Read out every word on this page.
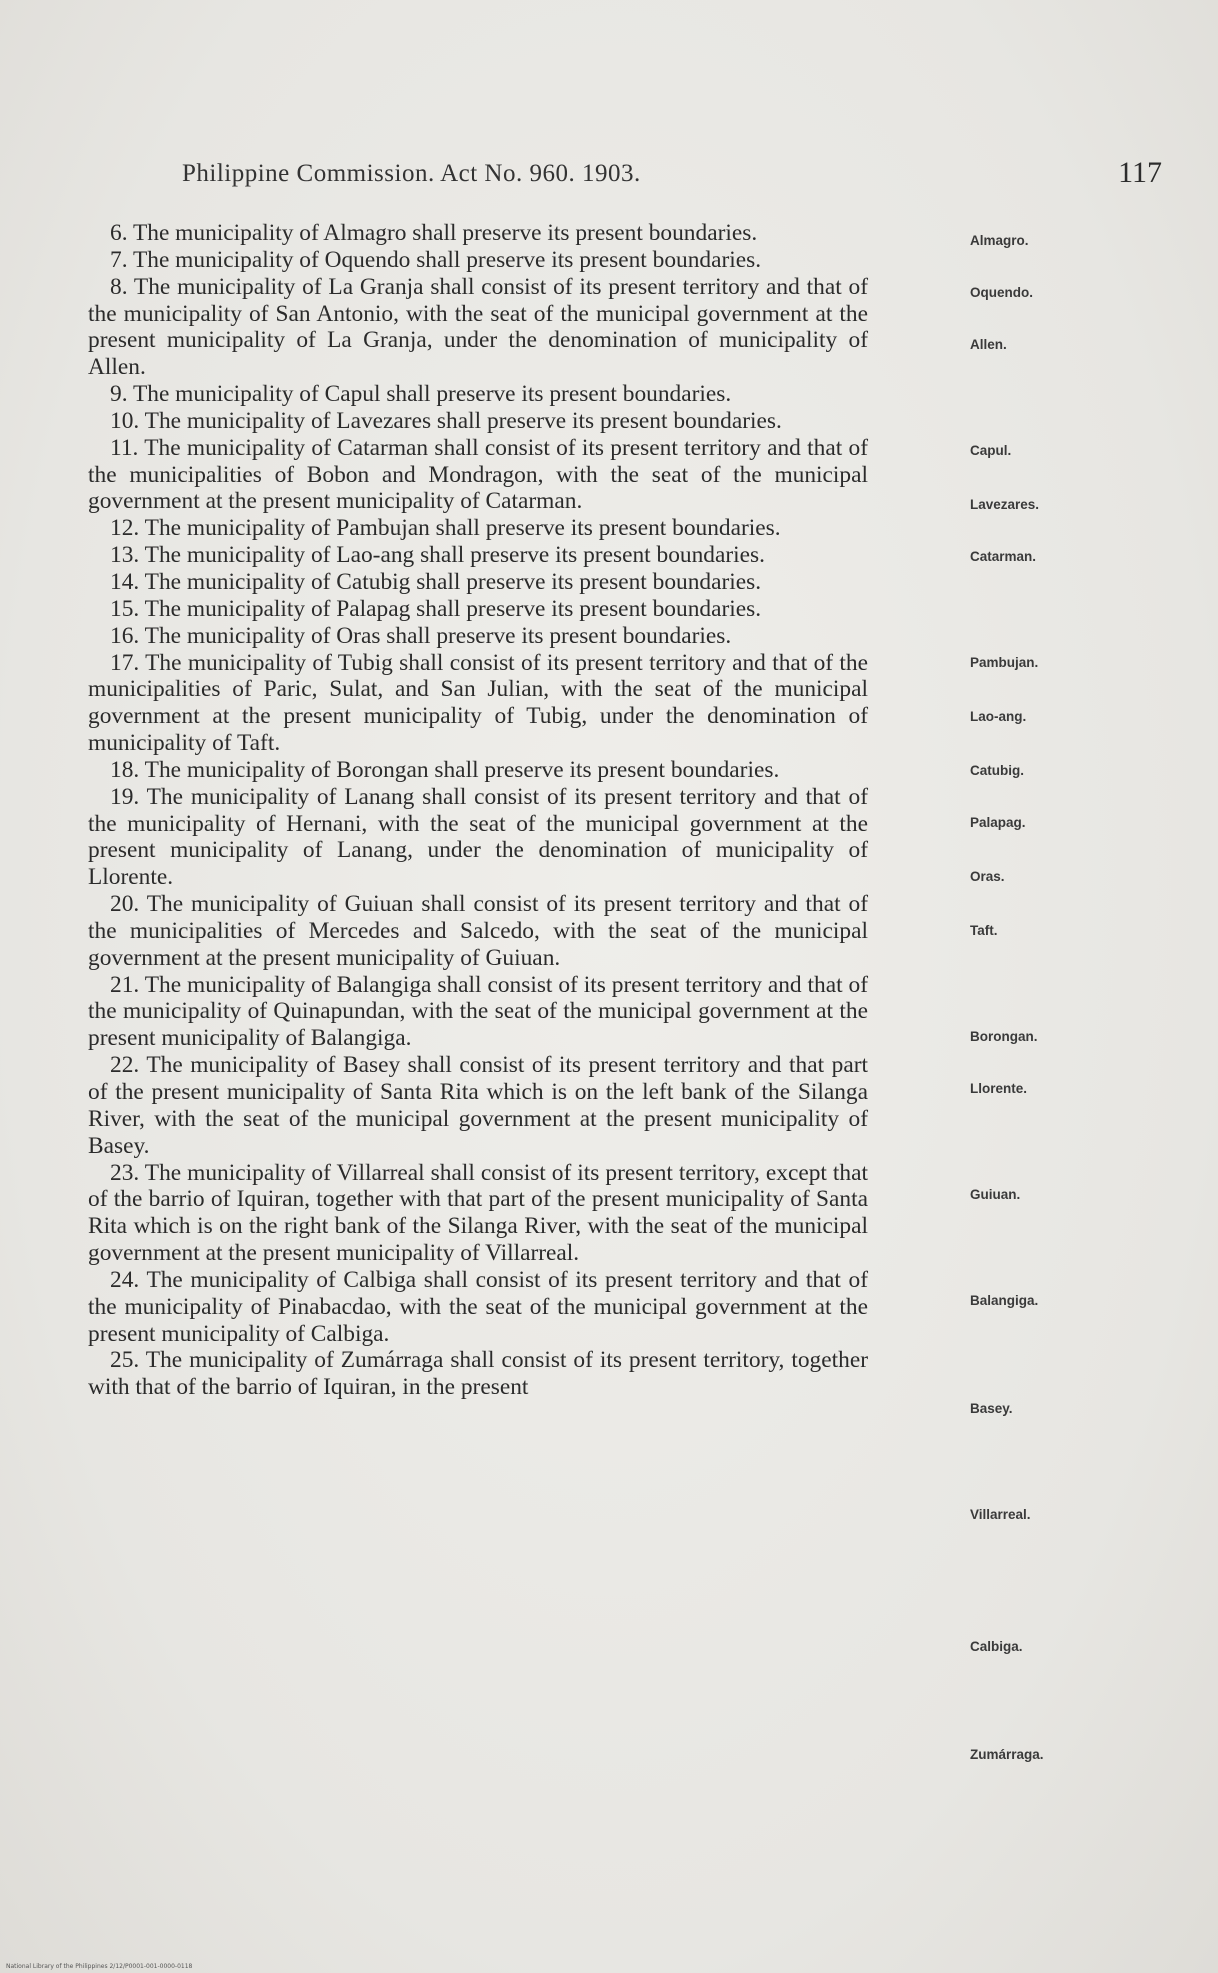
Philippine Commission. Act No. 960. 1903.	117

6. The municipality of Almagro shall preserve its present boundaries.

7. The municipality of Oquendo shall preserve its present boundaries.

8. The municipality of La Granja shall consist of its present territory and that of the municipality of San Antonio, with the seat of the municipal government at the present municipality of La Granja, under the denomination of municipality of Allen.

9. The municipality of Capul shall preserve its present boundaries.

10. The municipality of Lavezares shall preserve its present boundaries.

11. The municipality of Catarman shall consist of its present territory and that of the municipalities of Bobon and Mondragon, with the seat of the municipal government at the present municipality of Catarman.

12. The municipality of Pambujan shall preserve its present boundaries.

13. The municipality of Lao-ang shall preserve its present boundaries.

14. The municipality of Catubig shall preserve its present boundaries.

15. The municipality of Palapag shall preserve its present boundaries.

16. The municipality of Oras shall preserve its present boundaries.

17. The municipality of Tubig shall consist of its present territory and that of the municipalities of Paric, Sulat, and San Julian, with the seat of the municipal government at the present municipality of Tubig, under the denomination of municipality of Taft.

18. The municipality of Borongan shall preserve its present boundaries.

19. The municipality of Lanang shall consist of its present territory and that of the municipality of Hernani, with the seat of the municipal government at the present municipality of Lanang, under the denomination of municipality of Llorente.

20. The municipality of Guiuan shall consist of its present territory and that of the municipalities of Mercedes and Salcedo, with the seat of the municipal government at the present municipality of Guiuan.

21. The municipality of Balangiga shall consist of its present territory and that of the municipality of Quinapundan, with the seat of the municipal government at the present municipality of Balangiga.

22. The municipality of Basey shall consist of its present territory and that part of the present municipality of Santa Rita which is on the left bank of the Silanga River, with the seat of the municipal government at the present municipality of Basey.

23. The municipality of Villarreal shall consist of its present territory, except that of the barrio of Iquiran, together with that part of the present municipality of Santa Rita which is on the right bank of the Silanga River, with the seat of the municipal government at the present municipality of Villarreal.

24. The municipality of Calbiga shall consist of its present territory and that of the municipality of Pinabacdao, with the seat of the municipal government at the present municipality of Calbiga.

25. The municipality of Zumárraga shall consist of its present territory, together with that of the barrio of Iquiran, in the present

Almagro.
Oquendo.
Allen.
Capul.
Lavezares.
Catarman.
Pambujan.
Lao-ang.
Catubig.
Palapag.
Oras.
Taft.
Borongan.
Llorente.
Guiuan.
Balangiga.
Basey.
Villarreal.
Calbiga.
Zumárraga.
National Library of the Philippines 2/12/P0001-001-0000-0118
